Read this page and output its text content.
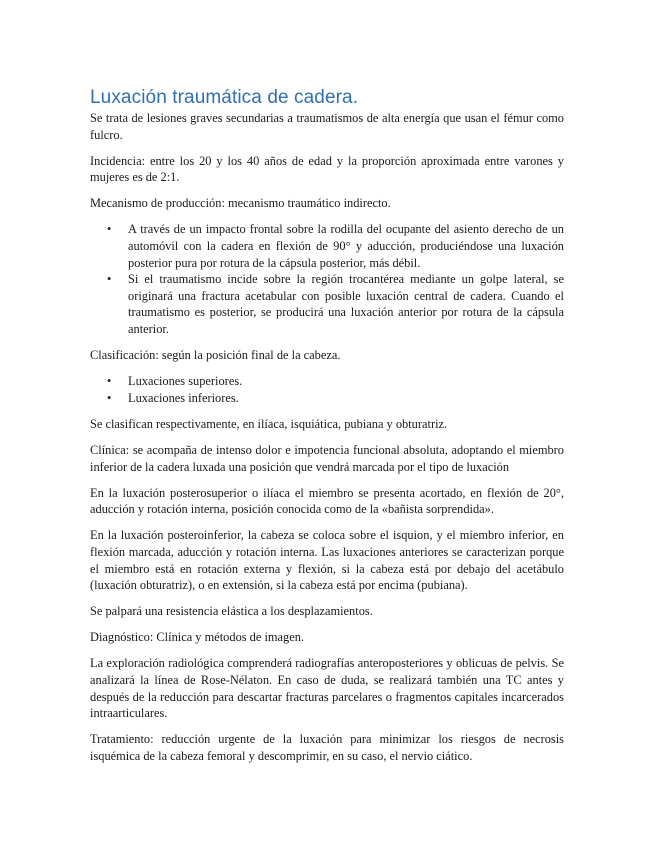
Luxación traumática de cadera.

Se trata de lesiones graves secundarias a traumatismos de alta energía que usan el fémur como fulcro.

Incidencia: entre los 20 y los 40 años de edad y la proporción aproximada entre varones y mujeres es de 2:1.

Mecanismo de producción: mecanismo traumático indirecto.

• A través de un impacto frontal sobre la rodilla del ocupante del asiento derecho de un automóvil con la cadera en flexión de 90° y aducción, produciéndose una luxación posterior pura por rotura de la cápsula posterior, más débil.
• Si el traumatismo incide sobre la región trocantérea mediante un golpe lateral, se originará una fractura acetabular con posible luxación central de cadera. Cuando el traumatismo es posterior, se producirá una luxación anterior por rotura de la cápsula anterior.

Clasificación: según la posición final de la cabeza.

• Luxaciones superiores.
• Luxaciones inferiores.

Se clasifican respectivamente, en ilíaca, isquiática, pubiana y obturatriz.

Clínica: se acompaña de intenso dolor e impotencia funcional absoluta, adoptando el miembro inferior de la cadera luxada una posición que vendrá marcada por el tipo de luxación

En la luxación posterosuperior o ilíaca el miembro se presenta acortado, en flexión de 20°, aducción y rotación interna, posición conocida como de la «bañista sorprendida».

En la luxación posteroinferior, la cabeza se coloca sobre el isquion, y el miembro inferior, en flexión marcada, aducción y rotación interna. Las luxaciones anteriores se caracterizan porque el miembro está en rotación externa y flexión, si la cabeza está por debajo del acetábulo (luxación obturatriz), o en extensión, si la cabeza está por encima (pubiana).

Se palpará una resistencia elástica a los desplazamientos.

Diagnóstico: Clínica y métodos de imagen.

La exploración radiológica comprenderá radiografías anteroposteriores y oblicuas de pelvis. Se analizará la línea de Rose-Nélaton. En caso de duda, se realizará también una TC antes y después de la reducción para descartar fracturas parcelares o fragmentos capitales incarcerados intraarticulares.

Tratamiento: reducción urgente de la luxación para minimizar los riesgos de necrosis isquémica de la cabeza femoral y descomprimir, en su caso, el nervio ciático.
